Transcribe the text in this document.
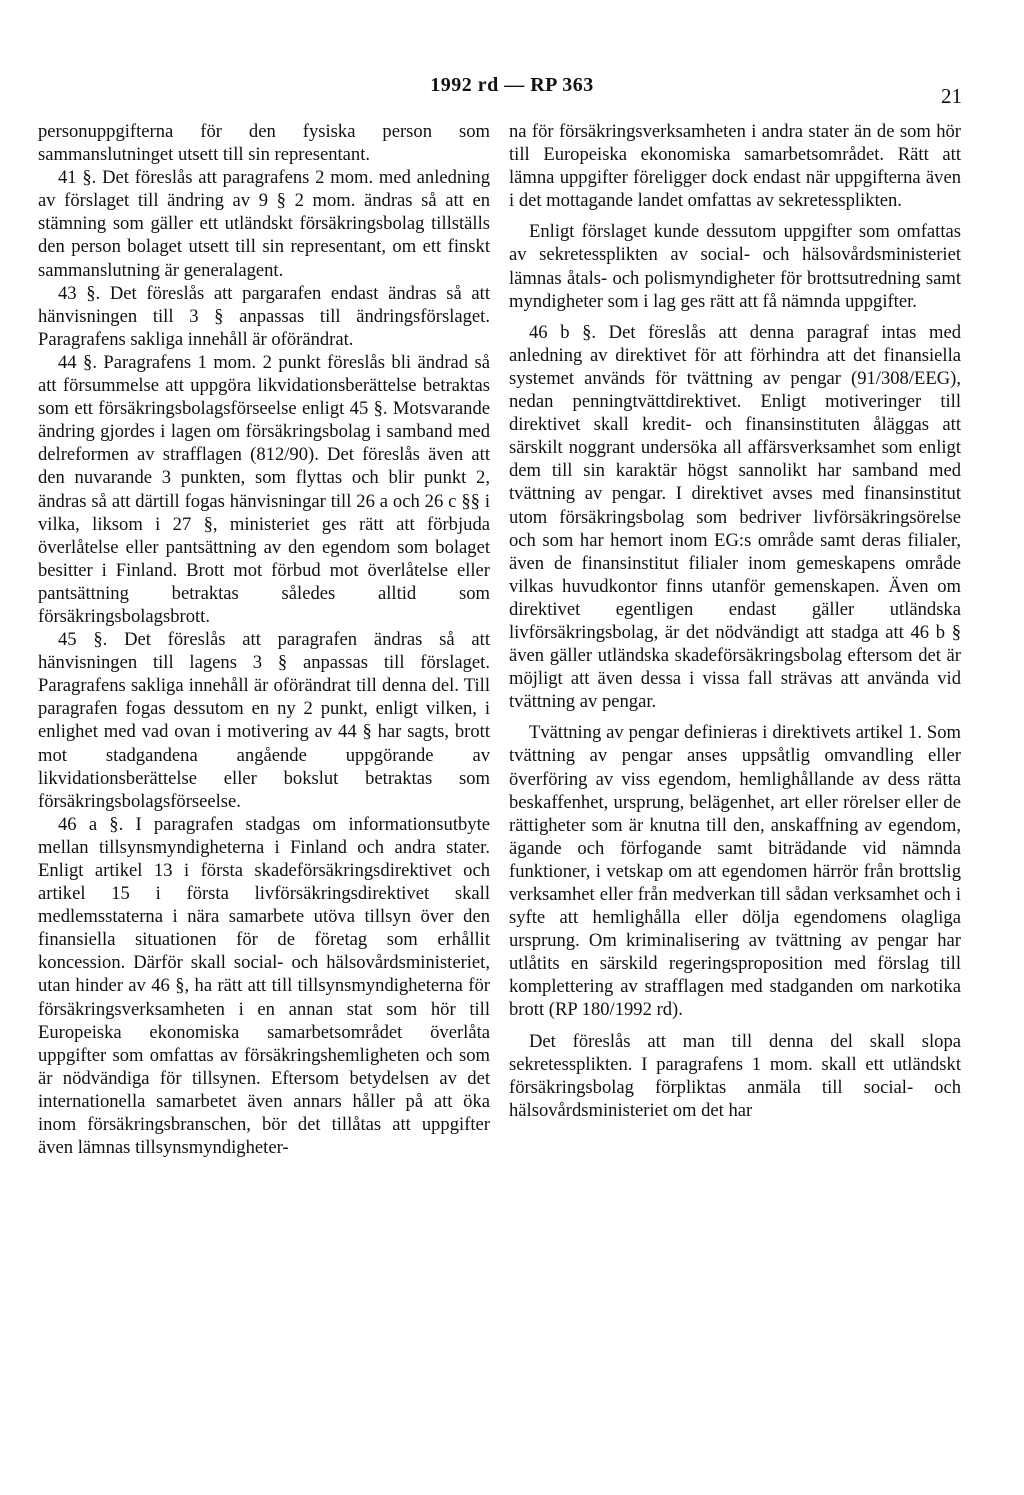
1992 rd — RP 363	21

personuppgifterna för den fysiska person som sammanslutninget utsett till sin representant.

41 §. Det föreslås att paragrafens 2 mom. med anledning av förslaget till ändring av 9 § 2 mom. ändras så att en stämning som gäller ett utländskt försäkringsbolag tillställs den person bolaget utsett till sin representant, om ett finskt sammanslutning är generalagent.

43 §. Det föreslås att pargarafen endast ändras så att hänvisningen till 3 § anpassas till ändringsförslaget. Paragrafens sakliga innehåll är oförändrat.

44 §. Paragrafens 1 mom. 2 punkt föreslås bli ändrad så att försummelse att uppgöra likvidationsberättelse betraktas som ett försäkringsbolagsförseelse enligt 45 §. Motsvarande ändring gjordes i lagen om försäkringsbolag i samband med delreformen av strafflagen (812/90). Det föreslås även att den nuvarande 3 punkten, som flyttas och blir punkt 2, ändras så att därtill fogas hänvisningar till 26 a och 26 c §§ i vilka, liksom i 27 §, ministeriet ges rätt att förbjuda överlåtelse eller pantsättning av den egendom som bolaget besitter i Finland. Brott mot förbud mot överlåtelse eller pantsättning betraktas således alltid som försäkringsbolagsbrott.

45 §. Det föreslås att paragrafen ändras så att hänvisningen till lagens 3 § anpassas till förslaget. Paragrafens sakliga innehåll är oförändrat till denna del. Till paragrafen fogas dessutom en ny 2 punkt, enligt vilken, i enlighet med vad ovan i motivering av 44 § har sagts, brott mot stadgandena angående uppgörande av likvidationsberättelse eller bokslut betraktas som försäkringsbolagsförseelse.

46 a §. I paragrafen stadgas om informationsutbyte mellan tillsynsmyndigheterna i Finland och andra stater. Enligt artikel 13 i första skadeförsäkringsdirektivet och artikel 15 i första livförsäkringsdirektivet skall medlemsstaterna i nära samarbete utöva tillsyn över den finansiella situationen för de företag som erhållit koncession. Därför skall social- och hälsovårdsministeriet, utan hinder av 46 §, ha rätt att till tillsynsmyndigheterna för försäkringsverksamheten i en annan stat som hör till Europeiska ekonomiska samarbetsområdet överlåta uppgifter som omfattas av försäkringshemligheten och som är nödvändiga för tillsynen. Eftersom betydelsen av det internationella samarbetet även annars håller på att öka inom försäkringsbranschen, bör det tillåtas att uppgifter även lämnas tillsynsmyndigheter-

na för försäkringsverksamheten i andra stater än de som hör till Europeiska ekonomiska samarbetsområdet. Rätt att lämna uppgifter föreligger dock endast när uppgifterna även i det mottagande landet omfattas av sekretessplikten.

Enligt förslaget kunde dessutom uppgifter som omfattas av sekretessplikten av social- och hälsovårdsministeriet lämnas åtals- och polismyndigheter för brottsutredning samt myndigheter som i lag ges rätt att få nämnda uppgifter.

46 b §. Det föreslås att denna paragraf intas med anledning av direktivet för att förhindra att det finansiella systemet används för tvättning av pengar (91/308/EEG), nedan penningtvättdirektivet. Enligt motiveringer till direktivet skall kredit- och finansinstituten åläggas att särskilt noggrant undersöka all affärsverksamhet som enligt dem till sin karaktär högst sannolikt har samband med tvättning av pengar. I direktivet avses med finansinstitut utom försäkringsbolag som bedriver livförsäkringsörelse och som har hemort inom EG:s område samt deras filialer, även de finansinstitut filialer inom gemeskapens område vilkas huvudkontor finns utanför gemenskapen. Även om direktivet egentligen endast gäller utländska livförsäkringsbolag, är det nödvändigt att stadga att 46 b § även gäller utländska skadeförsäkringsbolag eftersom det är möjligt att även dessa i vissa fall strävas att använda vid tvättning av pengar.

Tvättning av pengar definieras i direktivets artikel 1. Som tvättning av pengar anses uppsåtlig omvandling eller överföring av viss egendom, hemlighållande av dess rätta beskaffenhet, ursprung, belägenhet, art eller rörelser eller de rättigheter som är knutna till den, anskaffning av egendom, ägande och förfogande samt biträdande vid nämnda funktioner, i vetskap om att egendomen härrör från brottslig verksamhet eller från medverkan till sådan verksamhet och i syfte att hemlighålla eller dölja egendomens olagliga ursprung. Om kriminalisering av tvättning av pengar har utlåtits en särskild regeringsproposition med förslag till komplettering av strafflagen med stadganden om narkotika brott (RP 180/1992 rd).

Det föreslås att man till denna del skall slopa sekretessplikten. I paragrafens 1 mom. skall ett utländskt försäkringsbolag förpliktas anmäla till social- och hälsovårdsministeriet om det har
